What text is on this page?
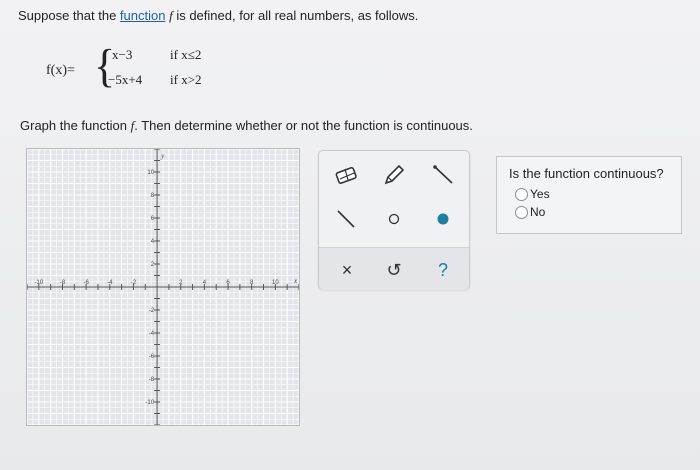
Suppose that the function f is defined, for all real numbers, as follows.
f(x)= {
x−3	if x≤2
−5x+4 if x>2
Graph the function f. Then determine whether or not the function is continuous.
-10	-8	-6	-4	-2	2	4	6	8	10
10
8
6
4
2
-2
-4
-6
-8
-10
x
y
×	↺	?
Is the function continuous?
Yes
No
